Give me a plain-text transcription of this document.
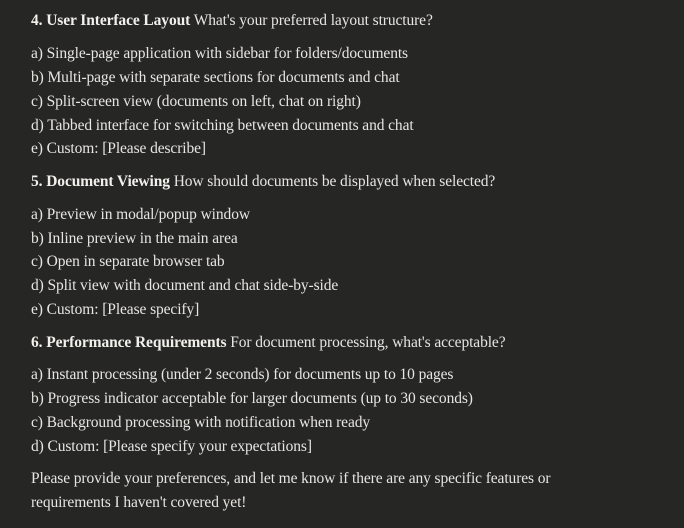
4. User Interface Layout What's your preferred layout structure?
a) Single-page application with sidebar for folders/documents
b) Multi-page with separate sections for documents and chat
c) Split-screen view (documents on left, chat on right)
d) Tabbed interface for switching between documents and chat
e) Custom: [Please describe]
5. Document Viewing How should documents be displayed when selected?
a) Preview in modal/popup window
b) Inline preview in the main area
c) Open in separate browser tab
d) Split view with document and chat side-by-side
e) Custom: [Please specify]
6. Performance Requirements For document processing, what's acceptable?
a) Instant processing (under 2 seconds) for documents up to 10 pages
b) Progress indicator acceptable for larger documents (up to 30 seconds)
c) Background processing with notification when ready
d) Custom: [Please specify your expectations]
Please provide your preferences, and let me know if there are any specific features or
requirements I haven't covered yet!
